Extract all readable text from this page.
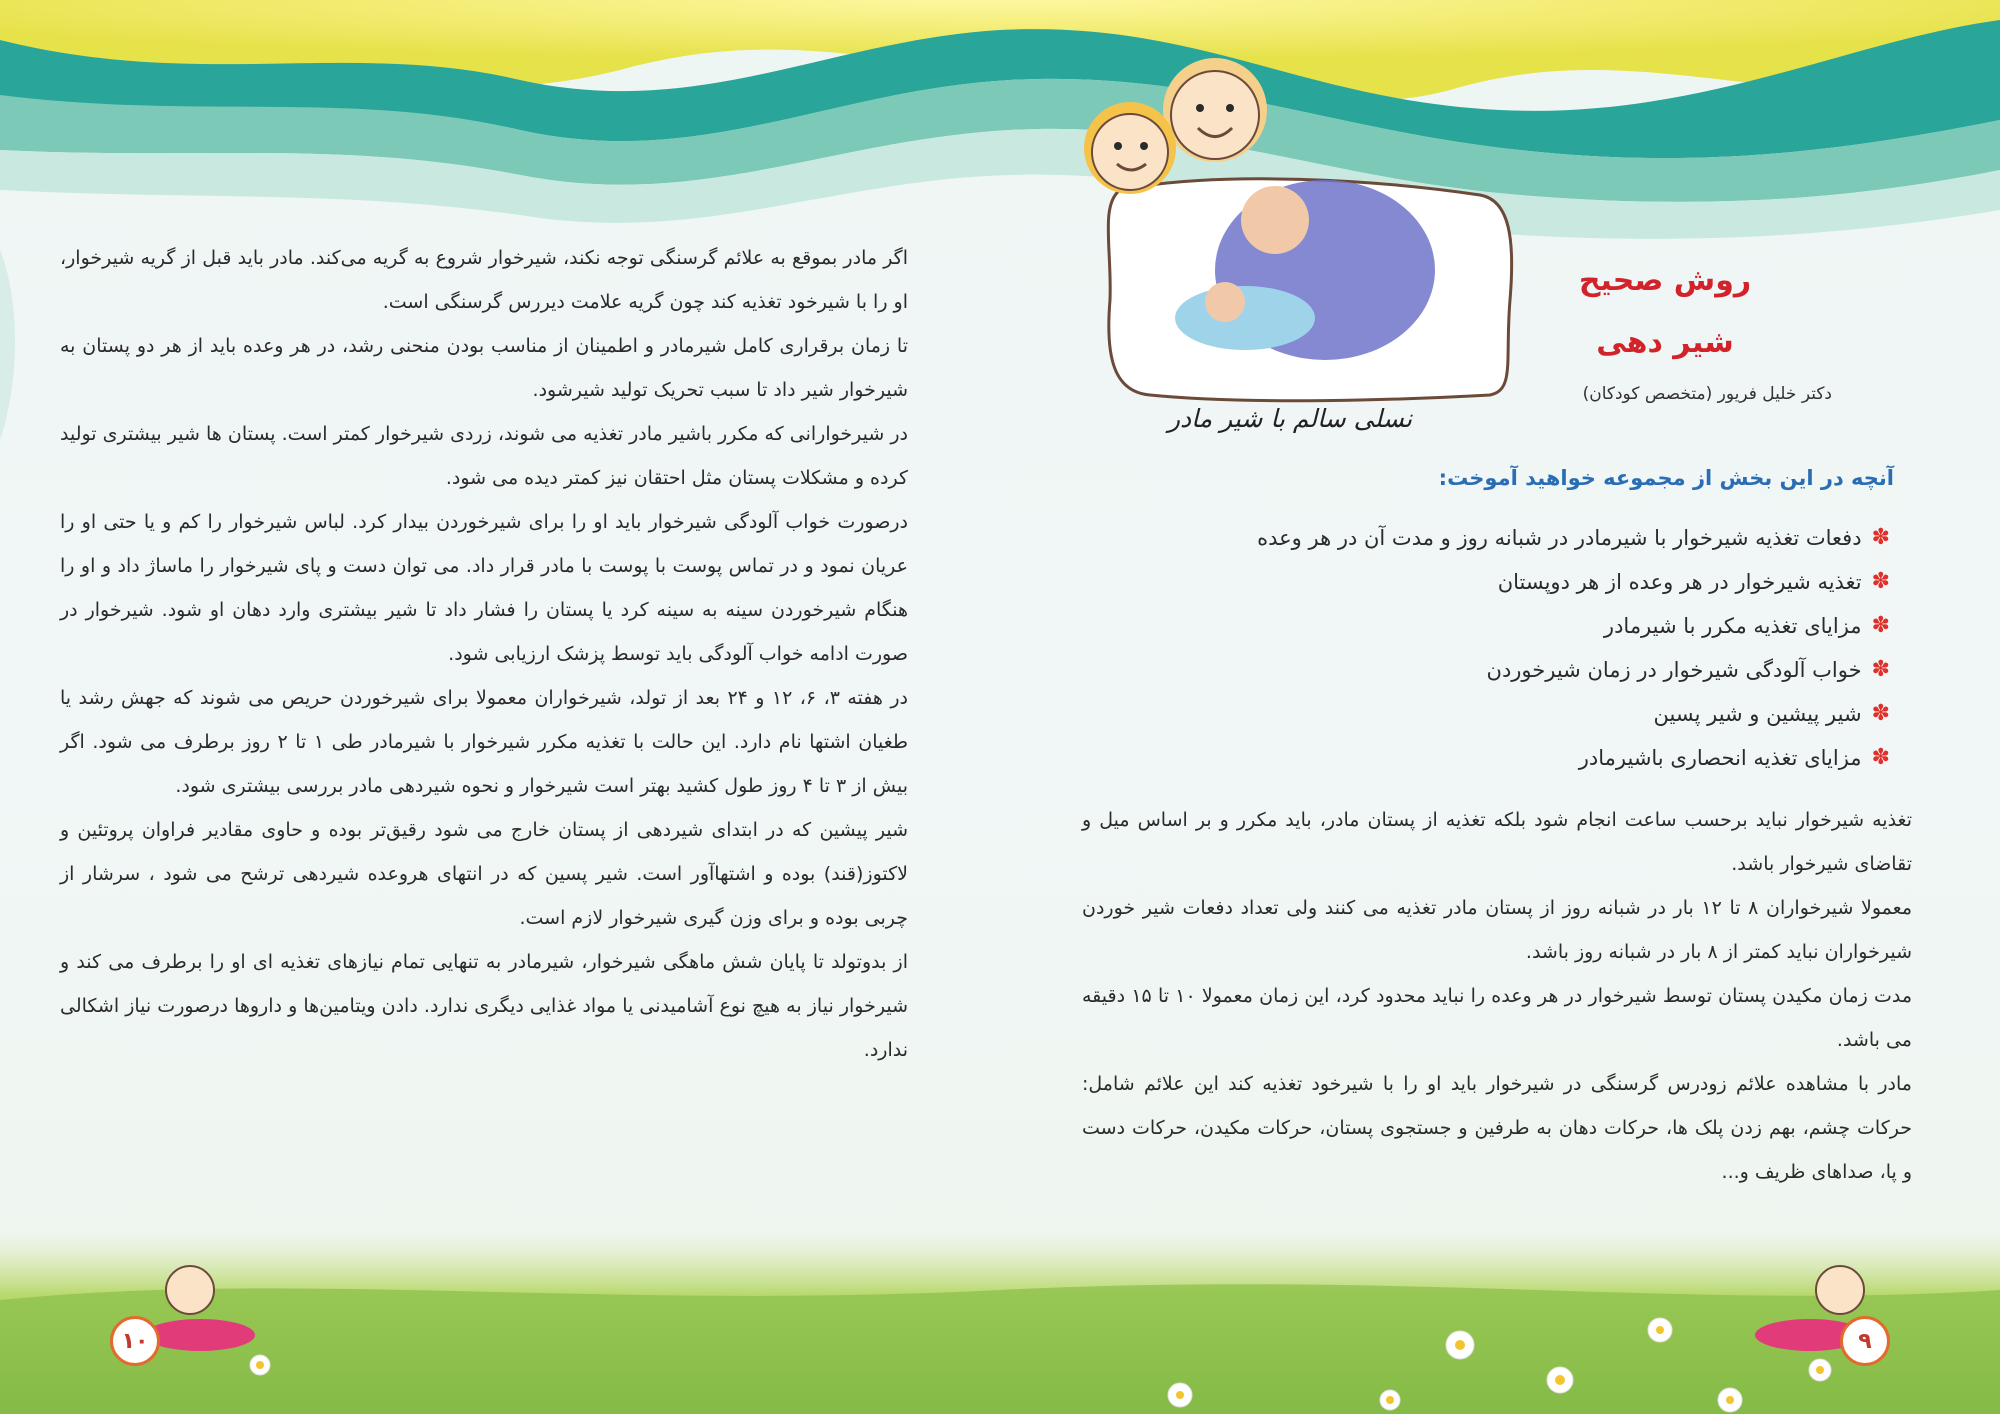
نسلی سالم با شیر مادر
روش صحیح
شیر دهی
دکتر خلیل فریور (متخصص کودکان)
آنچه در این بخش از مجموعه خواهید آموخت:
✽
دفعات تغذیه شیرخوار با شیرمادر در شبانه روز و مدت آن در هر وعده
✽
تغذیه شیرخوار در هر وعده از هر دوپستان
✽
مزایای تغذیه مکرر با شیرمادر
✽
خواب آلودگی شیرخوار در زمان شیرخوردن
✽
شیر پیشین و شیر پسین
✽
مزایای تغذیه انحصاری باشیرمادر

تغذیه شیرخوار نباید برحسب ساعت انجام شود بلکه تغذیه از پستان مادر، باید مکرر و بر اساس میل و تقاضای شیرخوار باشد.

معمولا شیرخواران ۸ تا ۱۲ بار در شبانه روز از پستان مادر تغذیه می کنند ولی تعداد دفعات شیر خوردن شیرخواران نباید کمتر از ۸ بار در شبانه روز باشد.

مدت زمان مکیدن پستان توسط شیرخوار در هر وعده را نباید محدود کرد، این زمان معمولا ۱۰ تا ۱۵ دقیقه می باشد.

مادر با مشاهده علائم زودرس گرسنگی در شیرخوار باید او را با شیرخود تغذیه کند این علائم شامل: حرکات چشم، بهم زدن پلک ها، حرکات دهان به طرفین و جستجوی پستان، حرکات مکیدن، حرکات دست و پا، صداهای ظریف و...

اگر مادر بموقع به علائم گرسنگی توجه نکند، شیرخوار شروع به گریه می‌کند. مادر باید قبل از گریه شیرخوار، او را با شیرخود تغذیه کند چون گریه علامت دیررس گرسنگی است.

تا زمان برقراری کامل شیرمادر و اطمینان از مناسب بودن منحنی رشد، در هر وعده باید از هر دو پستان به شیرخوار شیر داد تا سبب تحریک تولید شیرشود.

در شیرخوارانی که مکرر باشیر مادر تغذیه می شوند، زردی شیرخوار کمتر است. پستان ها شیر بیشتری تولید کرده و مشکلات پستان مثل احتقان نیز کمتر دیده می شود.

درصورت خواب آلودگی شیرخوار باید او را برای شیرخوردن بیدار کرد. لباس شیرخوار را کم و یا حتی او را عریان نمود و در تماس پوست با پوست با مادر قرار داد. می توان دست و پای شیرخوار را ماساژ داد و او را هنگام شیرخوردن سینه به سینه کرد یا پستان را فشار داد تا شیر بیشتری وارد دهان او شود. شیرخوار در صورت ادامه خواب آلودگی باید توسط پزشک ارزیابی شود.

در هفته ۳، ۶، ۱۲ و ۲۴ بعد از تولد، شیرخواران معمولا برای شیرخوردن حریص می شوند که جهش رشد یا طغیان اشتها نام دارد. این حالت با تغذیه مکرر شیرخوار با شیرمادر طی ۱ تا ۲ روز برطرف می شود. اگر بیش از ۳ تا ۴ روز طول کشید بهتر است شیرخوار و نحوه شیردهی مادر بررسی بیشتری شود.

شیر پیشین که در ابتدای شیردهی از پستان خارج می شود رقیق‌تر بوده و حاوی مقادیر فراوان پروتئین و لاکتوز(قند) بوده و اشتهاآور است. شیر پسین که در انتهای هروعده شیردهی ترشح می شود ، سرشار از چربی بوده و برای وزن گیری شیرخوار لازم است.

از بدوتولد تا پایان شش ماهگی شیرخوار، شیرمادر به تنهایی تمام نیازهای تغذیه ای او را برطرف می کند و شیرخوار نیاز به هیچ نوع آشامیدنی یا مواد غذایی دیگری ندارد. دادن ویتامین‌ها و داروها درصورت نیاز اشکالی ندارد.

۱۰	۹
